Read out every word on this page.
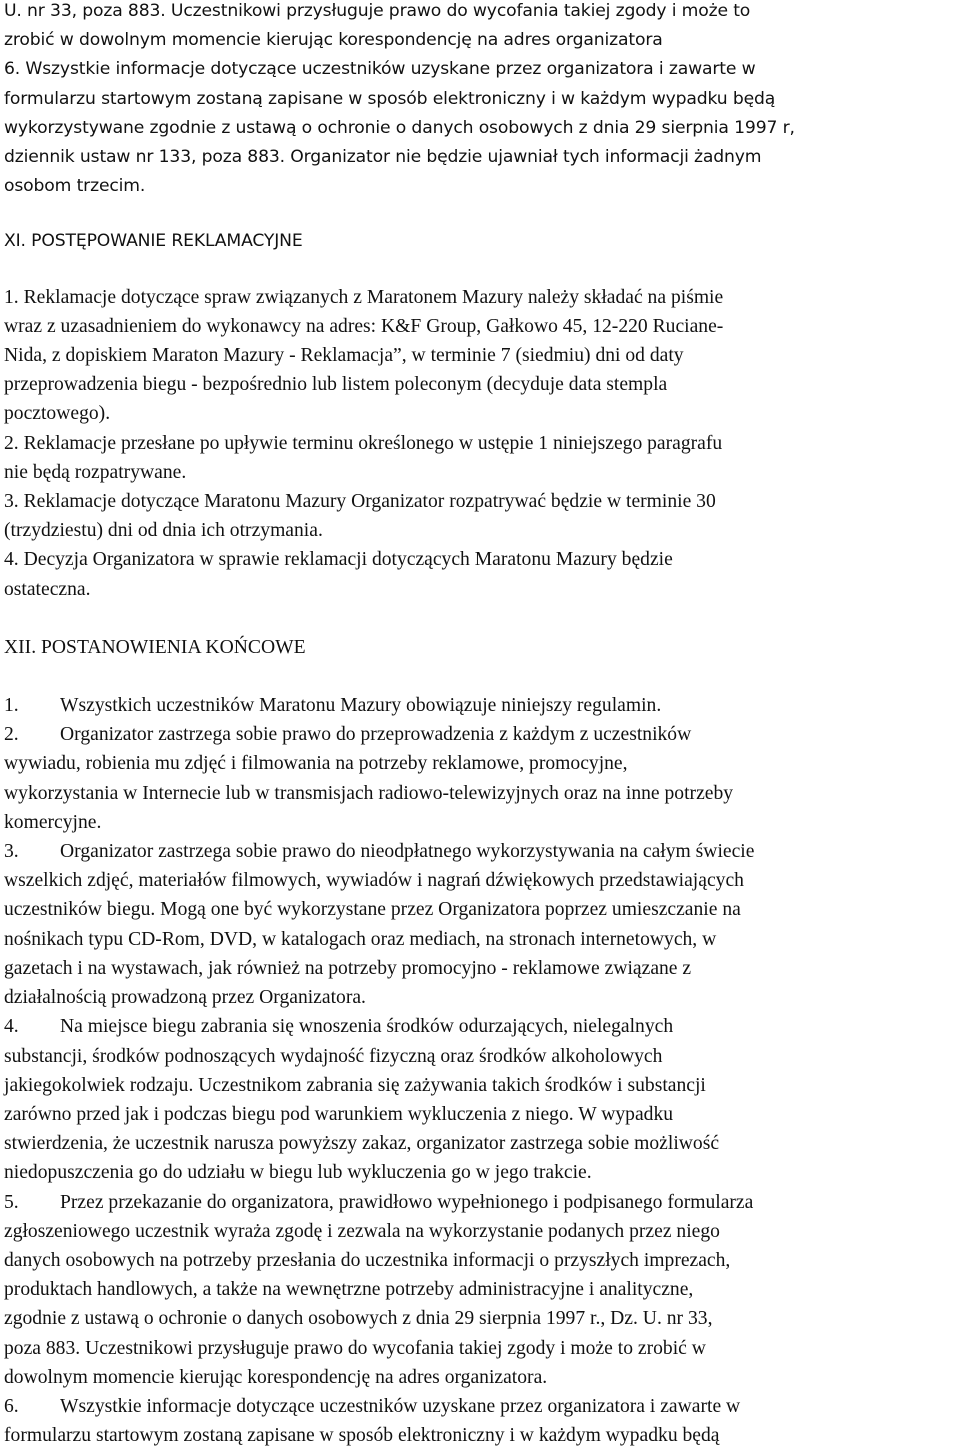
U. nr 33, poza 883. Uczestnikowi przysługuje prawo do wycofania takiej zgody i może to
zrobić w dowolnym momencie kierując korespondencję na adres organizatora
6. Wszystkie informacje dotyczące uczestników uzyskane przez organizatora i zawarte w
formularzu startowym zostaną zapisane w sposób elektroniczny i w każdym wypadku będą
wykorzystywane zgodnie z ustawą o ochronie o danych osobowych z dnia 29 sierpnia 1997 r,
dziennik ustaw nr 133, poza 883. Organizator nie będzie ujawniał tych informacji żadnym
osobom trzecim.

XI. POSTĘPOWANIE REKLAMACYJNE

1. Reklamacje dotyczące spraw związanych z Maratonem Mazury należy składać na piśmie
wraz z uzasadnieniem do wykonawcy na adres: K&F Group, Gałkowo 45, 12-220 Ruciane-
Nida, z dopiskiem Maraton Mazury - Reklamacja”, w terminie 7 (siedmiu) dni od daty
przeprowadzenia biegu - bezpośrednio lub listem poleconym (decyduje data stempla
pocztowego).
2. Reklamacje przesłane po upływie terminu określonego w ustępie 1 niniejszego paragrafu
nie będą rozpatrywane.
3. Reklamacje dotyczące Maratonu Mazury Organizator rozpatrywać będzie w terminie 30
(trzydziestu) dni od dnia ich otrzymania.
4. Decyzja Organizatora w sprawie reklamacji dotyczących Maratonu Mazury będzie
ostateczna.

XII. POSTANOWIENIA KOŃCOWE

1. Wszystkich uczestników Maratonu Mazury obowiązuje niniejszy regulamin.

2. Organizator zastrzega sobie prawo do przeprowadzenia z każdym z uczestników
wywiadu, robienia mu zdjęć i filmowania na potrzeby reklamowe, promocyjne,
wykorzystania w Internecie lub w transmisjach radiowo-telewizyjnych oraz na inne potrzeby
komercyjne.

3. Organizator zastrzega sobie prawo do nieodpłatnego wykorzystywania na całym świecie
wszelkich zdjęć, materiałów filmowych, wywiadów i nagrań dźwiękowych przedstawiających
uczestników biegu. Mogą one być wykorzystane przez Organizatora poprzez umieszczanie na
nośnikach typu CD-Rom, DVD, w katalogach oraz mediach, na stronach internetowych, w
gazetach i na wystawach, jak również na potrzeby promocyjno - reklamowe związane z
działalnością prowadzoną przez Organizatora.

4. Na miejsce biegu zabrania się wnoszenia środków odurzających, nielegalnych
substancji, środków podnoszących wydajność fizyczną oraz środków alkoholowych
jakiegokolwiek rodzaju. Uczestnikom zabrania się zażywania takich środków i substancji
zarówno przed jak i podczas biegu pod warunkiem wykluczenia z niego. W wypadku
stwierdzenia, że uczestnik narusza powyższy zakaz, organizator zastrzega sobie możliwość
niedopuszczenia go do udziału w biegu lub wykluczenia go w jego trakcie.

5. Przez przekazanie do organizatora, prawidłowo wypełnionego i podpisanego formularza
zgłoszeniowego uczestnik wyraża zgodę i zezwala na wykorzystanie podanych przez niego
danych osobowych na potrzeby przesłania do uczestnika informacji o przyszłych imprezach,
produktach handlowych, a także na wewnętrzne potrzeby administracyjne i analityczne,
zgodnie z ustawą o ochronie o danych osobowych z dnia 29 sierpnia 1997 r., Dz. U. nr 33,
poza 883. Uczestnikowi przysługuje prawo do wycofania takiej zgody i może to zrobić w
dowolnym momencie kierując korespondencję na adres organizatora.

6. Wszystkie informacje dotyczące uczestników uzyskane przez organizatora i zawarte w
formularzu startowym zostaną zapisane w sposób elektroniczny i w każdym wypadku będą
